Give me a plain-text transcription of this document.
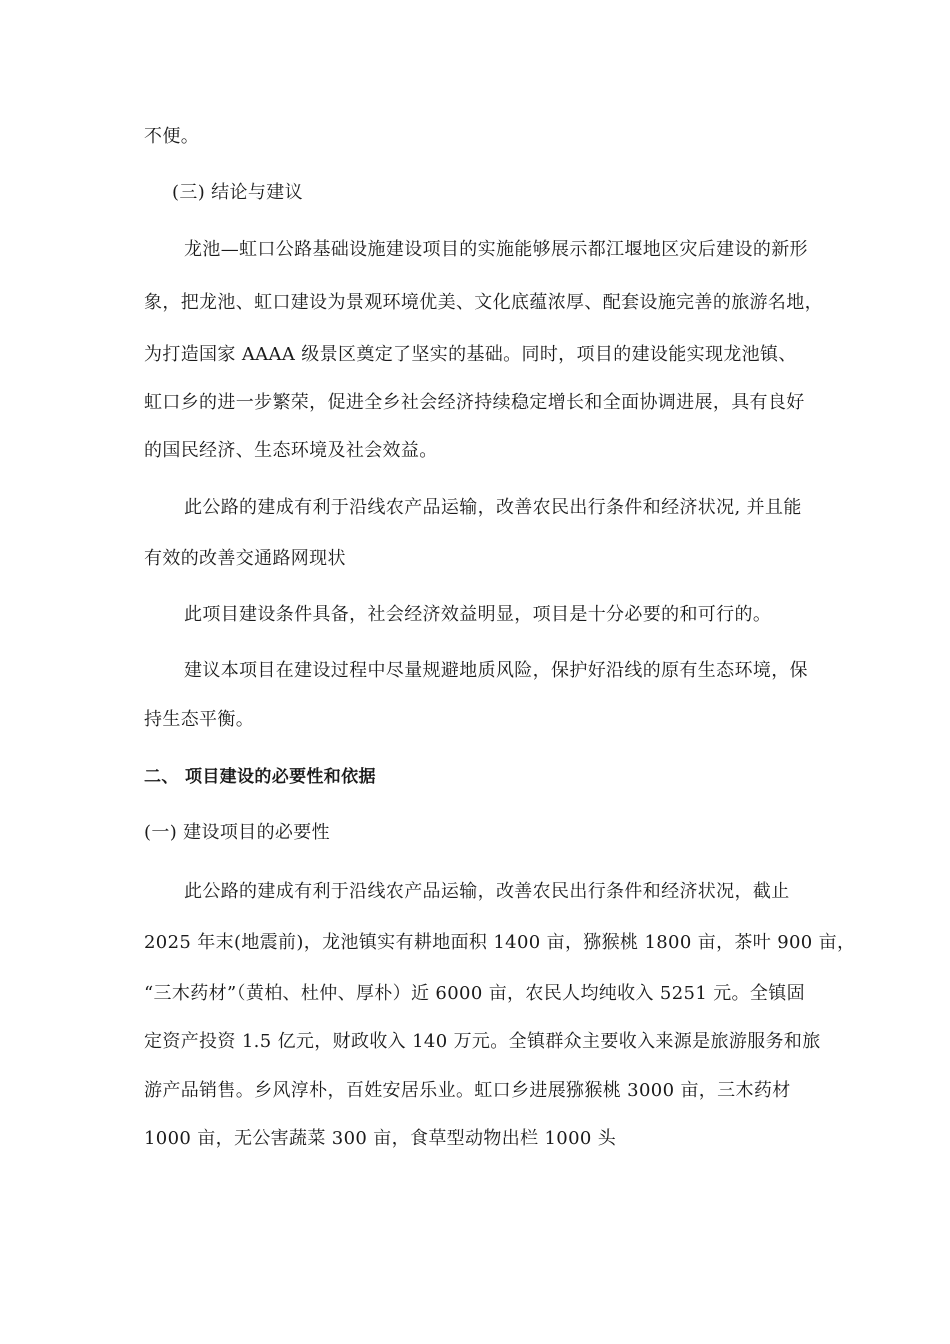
不便。
(三) 结论与建议
龙池—虹口公路基础设施建设项目的实施能够展示都江堰地区灾后建设的新形
象，把龙池、虹口建设为景观环境优美、文化底蕴浓厚、配套设施完善的旅游名地，
为打造国家 AAAA 级景区奠定了坚实的基础。同时，项目的建设能实现龙池镇、
虹口乡的进一步繁荣，促进全乡社会经济持续稳定增长和全面协调进展，具有良好
的国民经济、生态环境及社会效益。
此公路的建成有利于沿线农产品运输，改善农民出行条件和经济状况, 并且能
有效的改善交通路网现状
此项目建设条件具备，社会经济效益明显，项目是十分必要的和可行的。
建议本项目在建设过程中尽量规避地质风险，保护好沿线的原有生态环境，保
持生态平衡。
二、 项目建设的必要性和依据
(一) 建设项目的必要性
此公路的建成有利于沿线农产品运输，改善农民出行条件和经济状况，截止
2025 年末(地震前)，龙池镇实有耕地面积 1400 亩，猕猴桃 1800 亩，茶叶 900 亩，
“三木药材”（黄柏、杜仲、厚朴）近 6000 亩，农民人均纯收入 5251 元。全镇固
定资产投资 1.5 亿元，财政收入 140 万元。全镇群众主要收入来源是旅游服务和旅
游产品销售。乡风淳朴，百姓安居乐业。虹口乡进展猕猴桃 3000 亩，三木药材
1000 亩，无公害蔬菜 300 亩，食草型动物出栏 1000 头
